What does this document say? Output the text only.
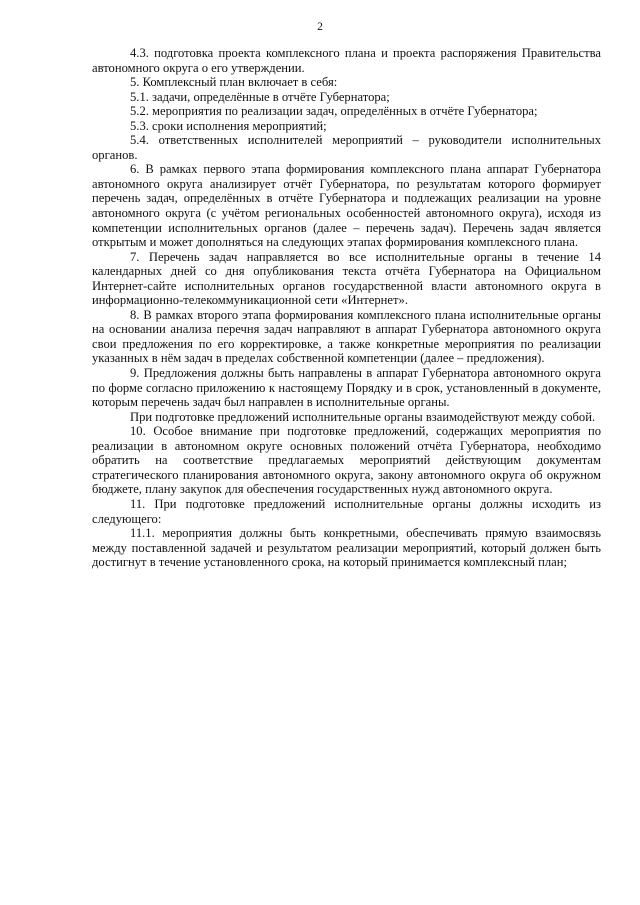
2

4.3. подготовка проекта комплексного плана и проекта распоряжения Правительства автономного округа о его утверждении.

5. Комплексный план включает в себя:

5.1. задачи, определённые в отчёте Губернатора;

5.2. мероприятия по реализации задач, определённых в отчёте Губернатора;

5.3. сроки исполнения мероприятий;

5.4. ответственных исполнителей мероприятий – руководители исполнительных органов.

6. В рамках первого этапа формирования комплексного плана аппарат Губернатора автономного округа анализирует отчёт Губернатора, по результатам которого формирует перечень задач, определённых в отчёте Губернатора и подлежащих реализации на уровне автономного округа (с учётом региональных особенностей автономного округа), исходя из компетенции исполнительных органов (далее – перечень задач). Перечень задач является открытым и может дополняться на следующих этапах формирования комплексного плана.

7. Перечень задач направляется во все исполнительные органы в течение 14 календарных дней со дня опубликования текста отчёта Губернатора на Официальном Интернет-сайте исполнительных органов государственной власти автономного округа в информационно-телекоммуникационной сети «Интернет».

8. В рамках второго этапа формирования комплексного плана исполнительные органы на основании анализа перечня задач направляют в аппарат Губернатора автономного округа свои предложения по его корректировке, а также конкретные мероприятия по реализации указанных в нём задач в пределах собственной компетенции (далее – предложения).

9. Предложения должны быть направлены в аппарат Губернатора автономного округа по форме согласно приложению к настоящему Порядку и в срок, установленный в документе, которым перечень задач был направлен в исполнительные органы.

При подготовке предложений исполнительные органы взаимодействуют между собой.

10. Особое внимание при подготовке предложений, содержащих мероприятия по реализации в автономном округе основных положений отчёта Губернатора, необходимо обратить на соответствие предлагаемых мероприятий действующим документам стратегического планирования автономного округа, закону автономного округа об окружном бюджете, плану закупок для обеспечения государственных нужд автономного округа.

11. При подготовке предложений исполнительные органы должны исходить из следующего:

11.1. мероприятия должны быть конкретными, обеспечивать прямую взаимосвязь между поставленной задачей и результатом реализации мероприятий, который должен быть достигнут в течение установленного срока, на который принимается комплексный план;
